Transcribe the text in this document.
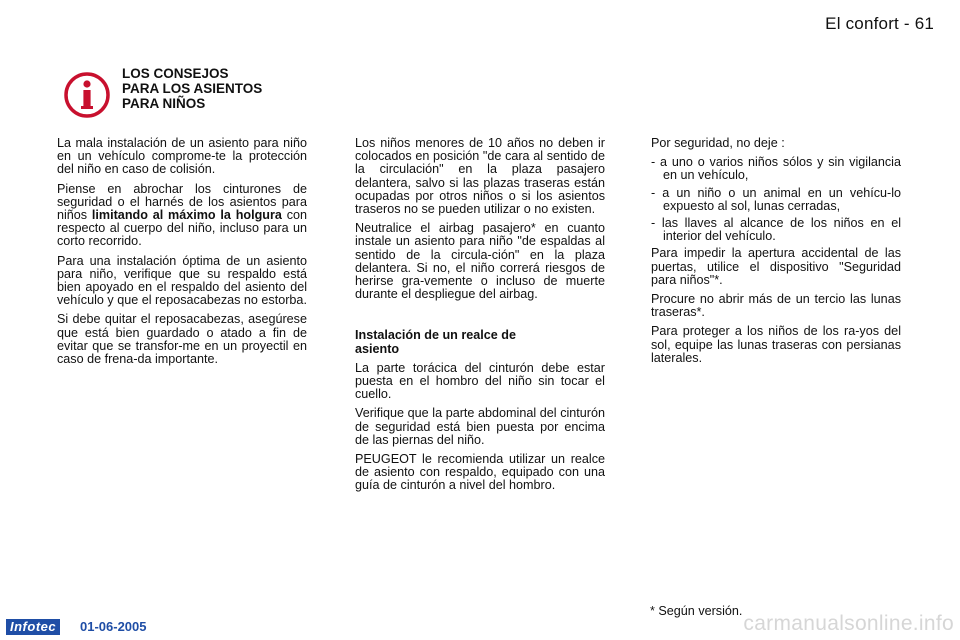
El confort - 61
LOS CONSEJOS
PARA LOS ASIENTOS
PARA NIÑOS

La mala instalación de un asiento para niño en un vehículo comprome-te la protección del niño en caso de colisión.

Piense en abrochar los cinturones de seguridad o el harnés de los asientos para niños limitando al máximo la holgura con respecto al cuerpo del niño, incluso para un corto recorrido.

Para una instalación óptima de un asiento para niño, verifique que su respaldo está bien apoyado en el respaldo del asiento del vehículo y que el reposacabezas no estorba.

Si debe quitar el reposacabezas, asegúrese que está bien guardado o atado a fin de evitar que se transfor-me en un proyectil en caso de frena-da importante.

Los niños menores de 10 años no deben ir colocados en posición "de cara al sentido de la circulación" en la plaza pasajero delantera, salvo si las plazas traseras están ocupadas por otros niños o si los asientos traseros no se pueden utilizar o no existen.

Neutralice el airbag pasajero* en cuanto instale un asiento para niño "de espaldas al sentido de la circula-ción" en la plaza delantera. Si no, el niño correrá riesgos de herirse gra-vemente o incluso de muerte durante el despliegue del airbag.

Instalación de un realce de
asiento

La parte torácica del cinturón debe estar puesta en el hombro del niño sin tocar el cuello.

Verifique que la parte abdominal del cinturón de seguridad está bien puesta por encima de las piernas del niño.

PEUGEOT le recomienda utilizar un realce de asiento con respaldo, equipado con una guía de cinturón a nivel del hombro.

Por seguridad, no deje :

- a uno o varios niños sólos y sin vigilancia en un vehículo,
- a un niño o un animal en un vehícu-lo expuesto al sol, lunas cerradas,
- las llaves al alcance de los niños en el interior del vehículo.

Para impedir la apertura accidental de las puertas, utilice el dispositivo "Seguridad para niños"*.

Procure no abrir más de un tercio las lunas traseras*.

Para proteger a los niños de los ra-yos del sol, equipe las lunas traseras con persianas laterales.

* Según versión.
Infotec	01-06-2005	carmanualsonline.info
